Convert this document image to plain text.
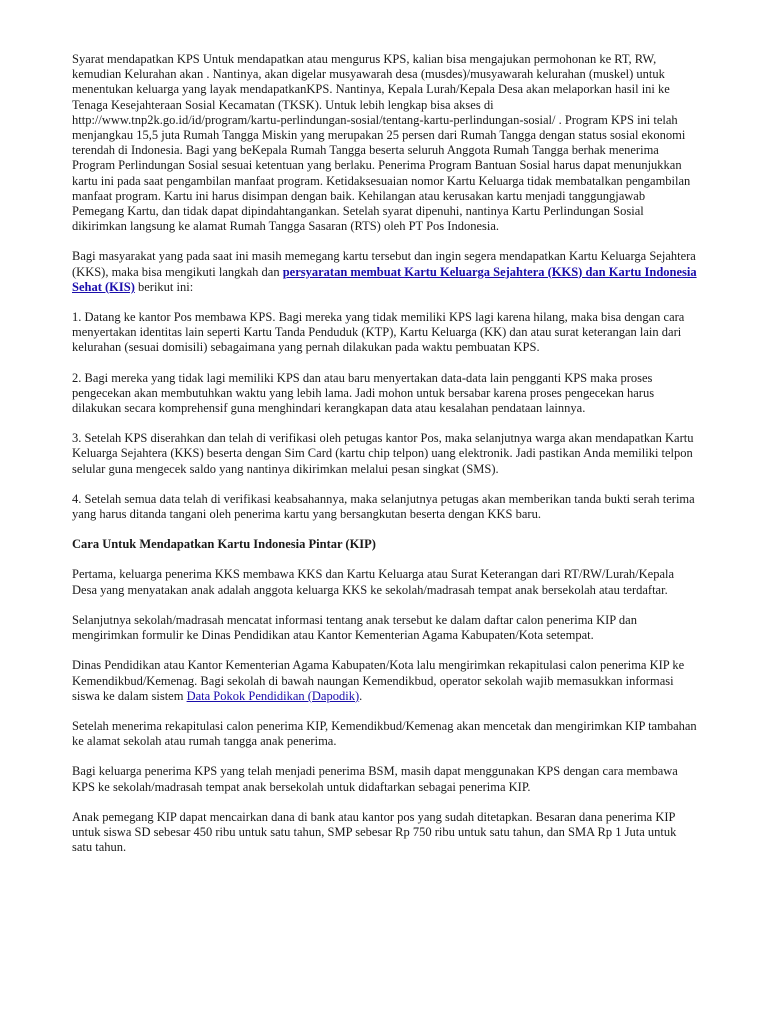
Syarat mendapatkan KPS Untuk mendapatkan atau mengurus KPS, kalian bisa mengajukan permohonan ke RT, RW, kemudian Kelurahan akan . Nantinya, akan digelar musyawarah desa (musdes)/musyawarah kelurahan (muskel) untuk menentukan keluarga yang layak mendapatkanKPS. Nantinya, Kepala Lurah/Kepala Desa akan melaporkan hasil ini ke Tenaga Kesejahteraan Sosial Kecamatan (TKSK). Untuk lebih lengkap bisa akses di http://www.tnp2k.go.id/id/program/kartu-perlindungan-sosial/tentang-kartu-perlindungan-sosial/ . Program KPS ini telah menjangkau 15,5 juta Rumah Tangga Miskin yang merupakan 25 persen dari Rumah Tangga dengan status sosial ekonomi terendah di Indonesia. Bagi yang beKepala Rumah Tangga beserta seluruh Anggota Rumah Tangga berhak menerima Program Perlindungan Sosial sesuai ketentuan yang berlaku. Penerima Program Bantuan Sosial harus dapat menunjukkan kartu ini pada saat pengambilan manfaat program. Ketidaksesuaian nomor Kartu Keluarga tidak membatalkan pengambilan manfaat program. Kartu ini harus disimpan dengan baik. Kehilangan atau kerusakan kartu menjadi tanggungjawab Pemegang Kartu, dan tidak dapat dipindahtangankan. Setelah syarat dipenuhi, nantinya Kartu Perlindungan Sosial dikirimkan langsung ke alamat Rumah Tangga Sasaran (RTS) oleh PT Pos Indonesia.

Bagi masyarakat yang pada saat ini masih memegang kartu tersebut dan ingin segera mendapatkan Kartu Keluarga Sejahtera (KKS), maka bisa mengikuti langkah dan persyaratan membuat Kartu Keluarga Sejahtera (KKS) dan Kartu Indonesia Sehat (KIS) berikut ini:

1. Datang ke kantor Pos membawa KPS. Bagi mereka yang tidak memiliki KPS lagi karena hilang, maka bisa dengan cara menyertakan identitas lain seperti Kartu Tanda Penduduk (KTP), Kartu Keluarga (KK) dan atau surat keterangan lain dari kelurahan (sesuai domisili) sebagaimana yang pernah dilakukan pada waktu pembuatan KPS.

2. Bagi mereka yang tidak lagi memiliki KPS dan atau baru menyertakan data-data lain pengganti KPS maka proses pengecekan akan membutuhkan waktu yang lebih lama. Jadi mohon untuk bersabar karena proses pengecekan harus dilakukan secara komprehensif guna menghindari kerangkapan data atau kesalahan pendataan lainnya.

3. Setelah KPS diserahkan dan telah di verifikasi oleh petugas kantor Pos, maka selanjutnya warga akan mendapatkan Kartu Keluarga Sejahtera (KKS) beserta dengan Sim Card (kartu chip telpon) uang elektronik. Jadi pastikan Anda memiliki telpon selular guna mengecek saldo yang nantinya dikirimkan melalui pesan singkat (SMS).

4. Setelah semua data telah di verifikasi keabsahannya, maka selanjutnya petugas akan memberikan tanda bukti serah terima yang harus ditanda tangani oleh penerima kartu yang bersangkutan beserta dengan KKS baru.

Cara Untuk Mendapatkan Kartu Indonesia Pintar (KIP)

Pertama, keluarga penerima KKS membawa KKS dan Kartu Keluarga atau Surat Keterangan dari RT/RW/Lurah/Kepala Desa yang menyatakan anak adalah anggota keluarga KKS ke sekolah/madrasah tempat anak bersekolah atau terdaftar.

Selanjutnya sekolah/madrasah mencatat informasi tentang anak tersebut ke dalam daftar calon penerima KIP dan mengirimkan formulir ke Dinas Pendidikan atau Kantor Kementerian Agama Kabupaten/Kota setempat.

Dinas Pendidikan atau Kantor Kementerian Agama Kabupaten/Kota lalu mengirimkan rekapitulasi calon penerima KIP ke Kemendikbud/Kemenag. Bagi sekolah di bawah naungan Kemendikbud, operator sekolah wajib memasukkan informasi siswa ke dalam sistem Data Pokok Pendidikan (Dapodik).

Setelah menerima rekapitulasi calon penerima KIP, Kemendikbud/Kemenag akan mencetak dan mengirimkan KIP tambahan ke alamat sekolah atau rumah tangga anak penerima.

Bagi keluarga penerima KPS yang telah menjadi penerima BSM, masih dapat menggunakan KPS dengan cara membawa KPS ke sekolah/madrasah tempat anak bersekolah untuk didaftarkan sebagai penerima KIP.

Anak pemegang KIP dapat mencairkan dana di bank atau kantor pos yang sudah ditetapkan. Besaran dana penerima KIP untuk siswa SD sebesar 450 ribu untuk satu tahun, SMP sebesar Rp 750 ribu untuk satu tahun, dan SMA Rp 1 Juta untuk satu tahun.
